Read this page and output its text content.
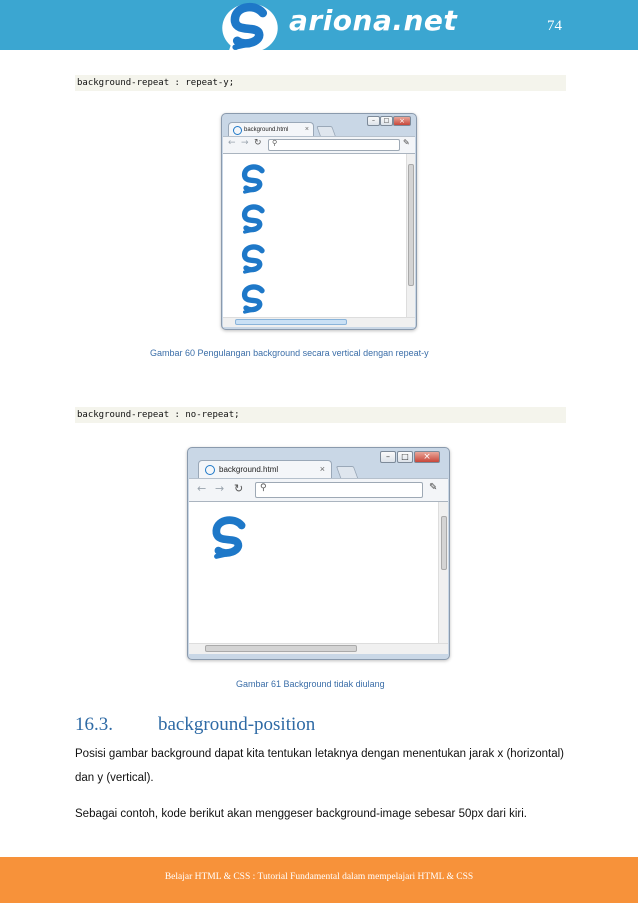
ariona.net	74
background-repeat : repeat-y;
background.html ×
–	□	×
← → ↻ ⚲	✎
Gambar 60 Pengulangan background secara vertical dengan repeat-y
background-repeat : no-repeat;
background.html	×
–	□	×
← → ↻ ⚲	✎
Gambar 61 Background tidak diulang
16.3. background-position
Posisi gambar background dapat kita tentukan letaknya dengan menentukan jarak x (horizontal) dan y (vertical).
Sebagai contoh, kode berikut akan menggeser background-image sebesar 50px dari kiri.
Belajar HTML & CSS : Tutorial Fundamental dalam mempelajari HTML & CSS
